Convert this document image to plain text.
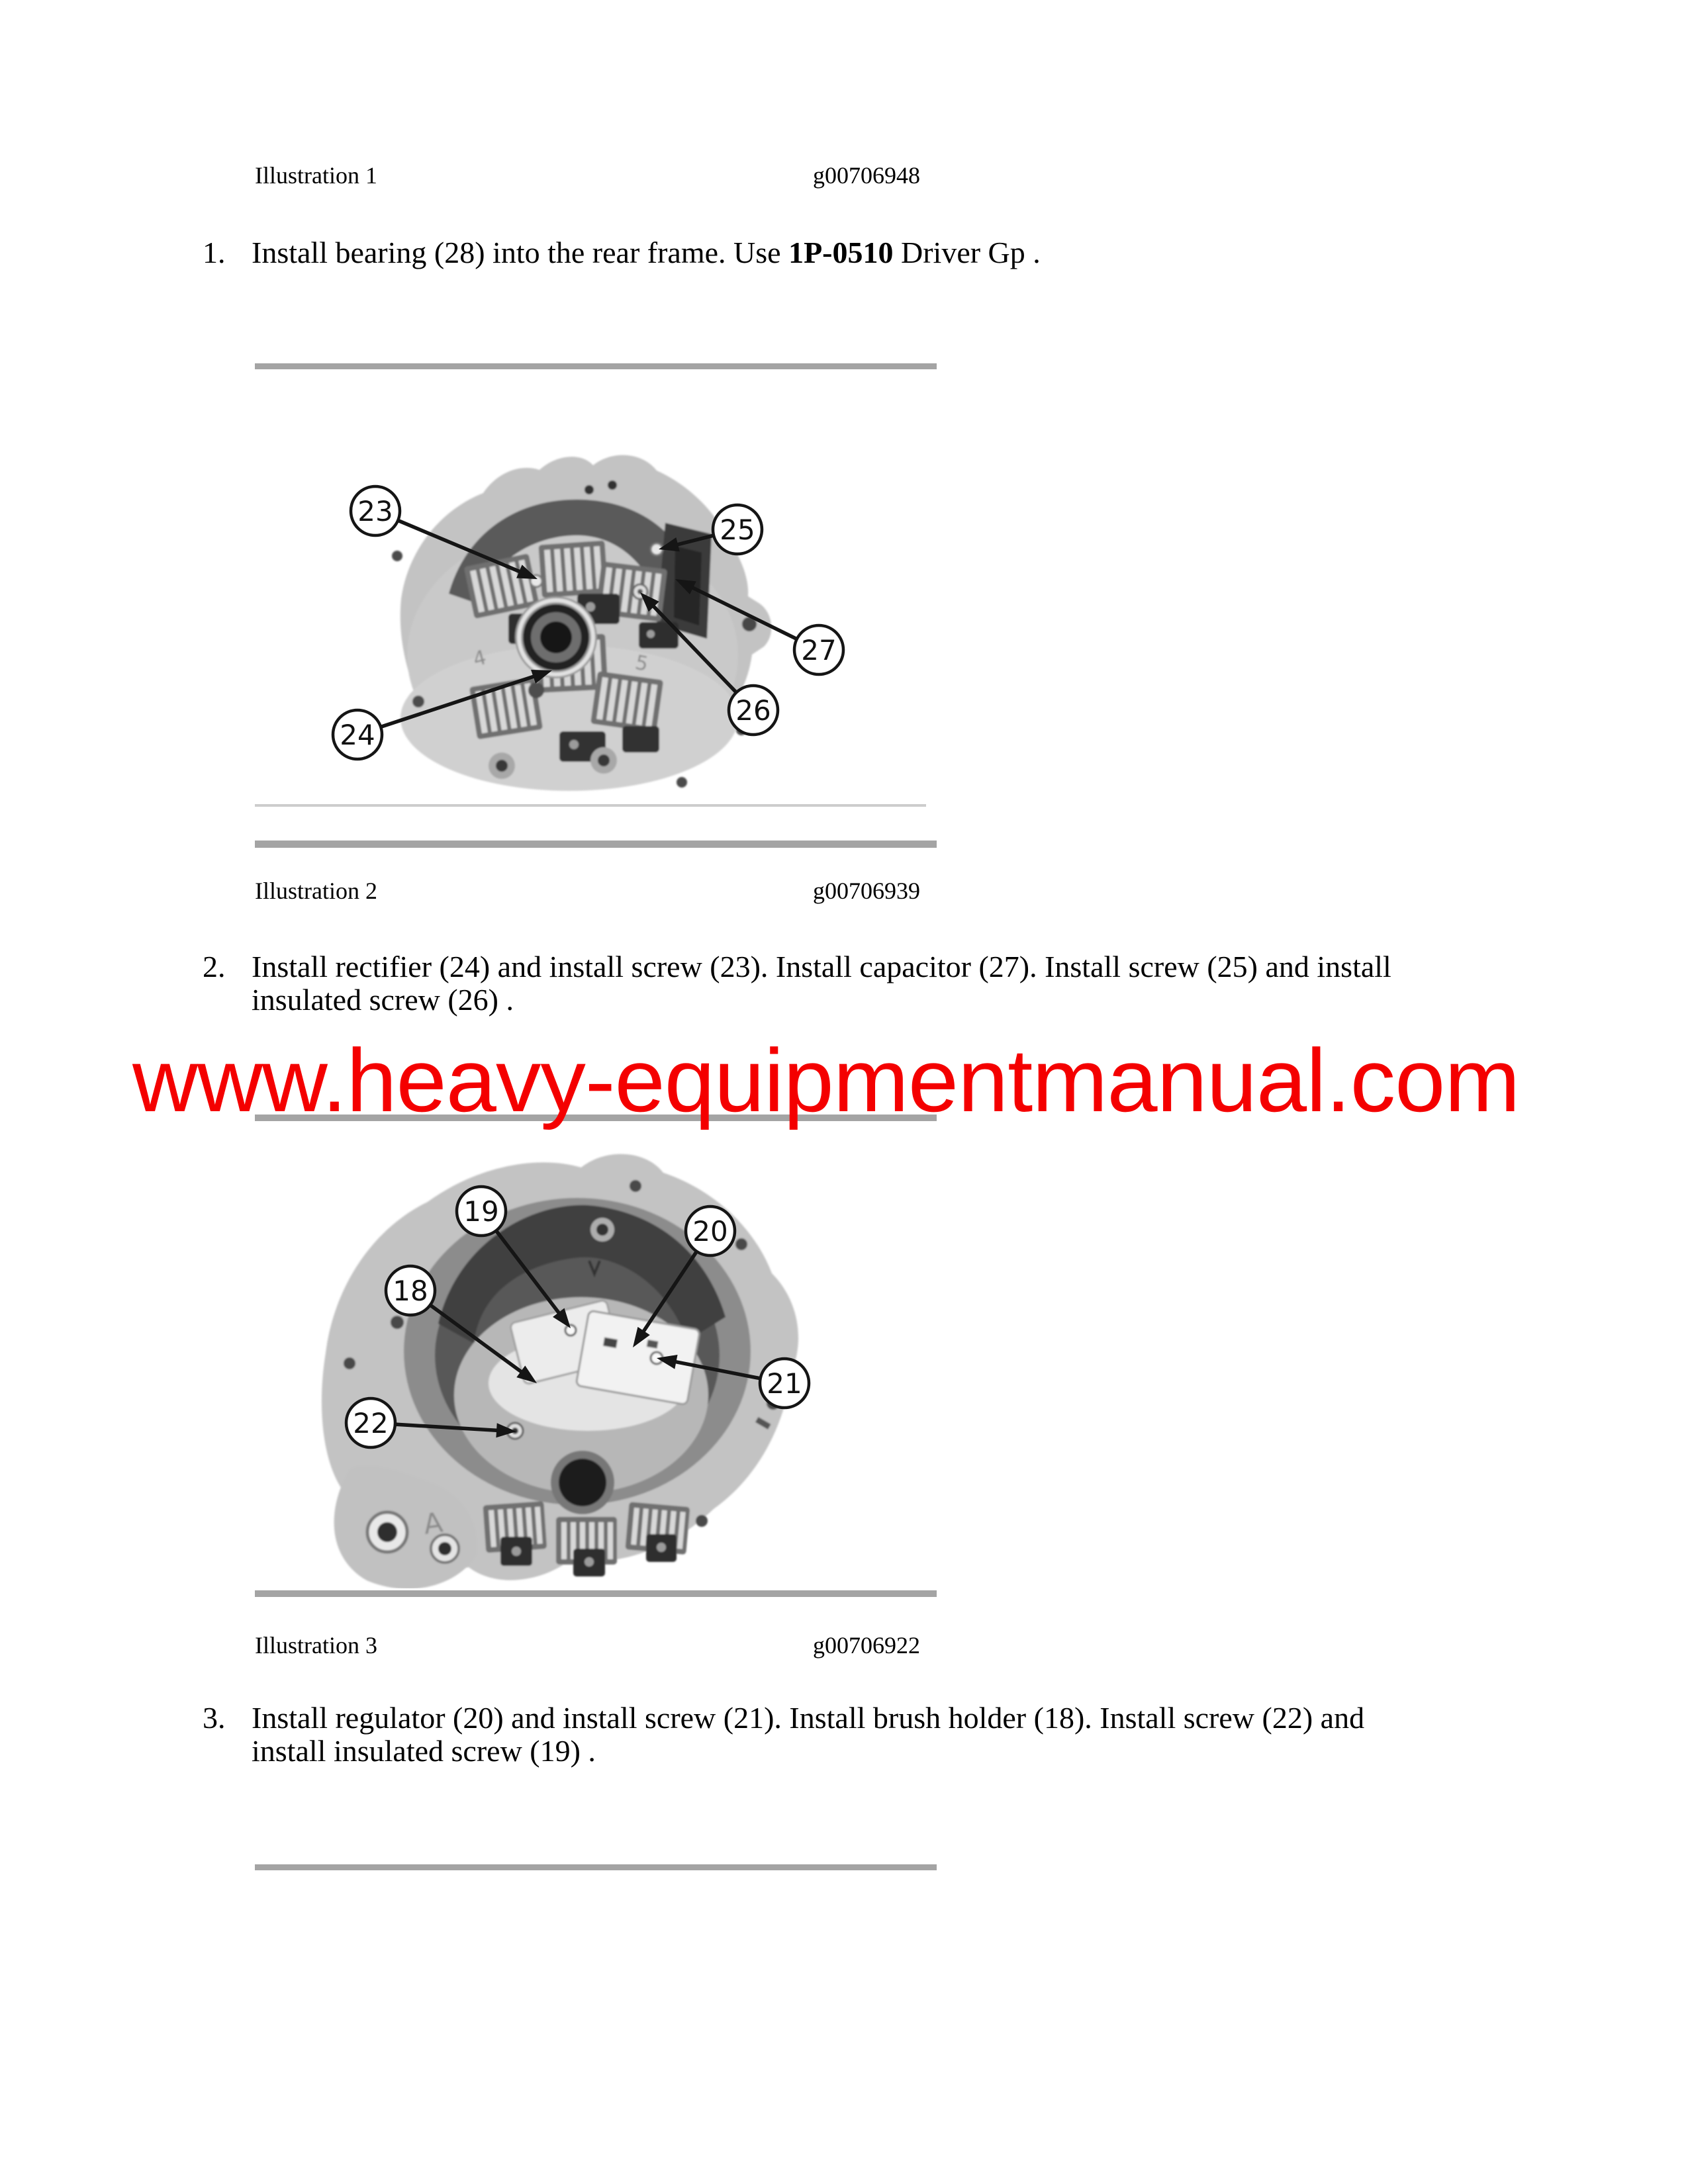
Illustration 1	g00706948
1. Install bearing (28) into the rear frame. Use 1P-0510 Driver Gp .
4	5
23
25
27
24
26
Illustration 2	g00706939
2. Install rectifier (24) and install screw (23). Install capacitor (27). Install screw (25) and install
insulated screw (26) .
www.heavy-equipmentmanual.com
A
19
20
18
21
22
Illustration 3	g00706922
3. Install regulator (20) and install screw (21). Install brush holder (18). Install screw (22) and
install insulated screw (19) .
